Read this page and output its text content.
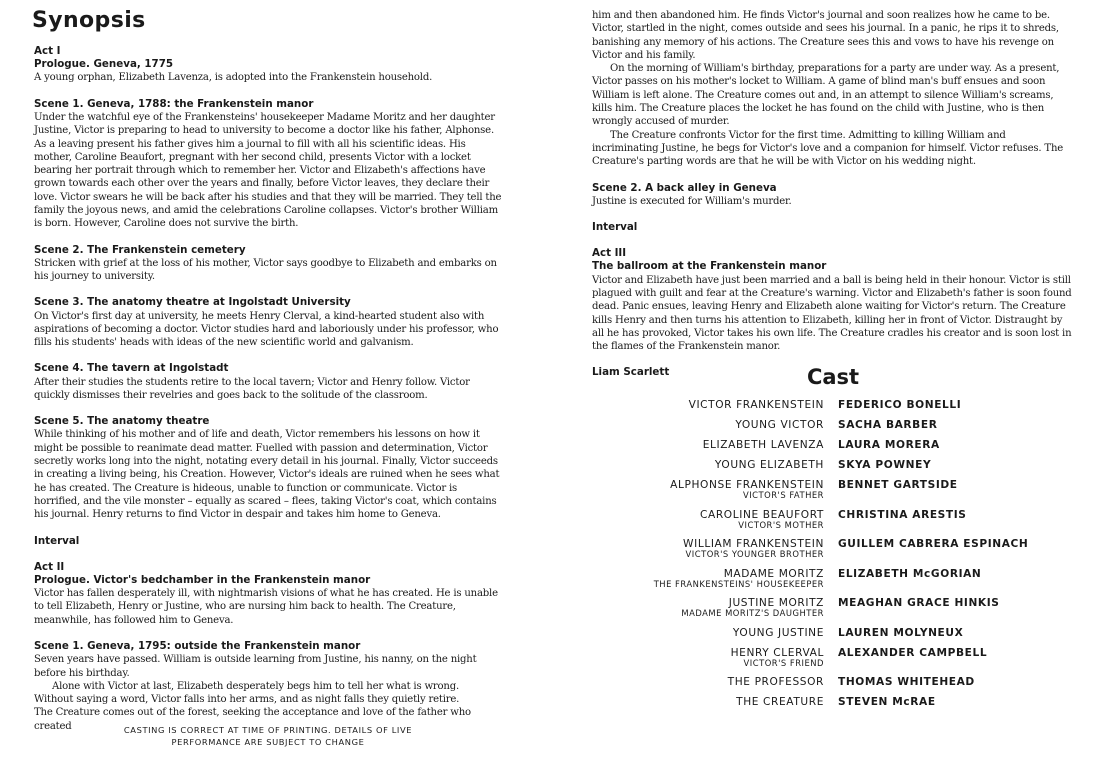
Synopsis

Act I

Prologue. Geneva, 1775

A young orphan, Elizabeth Lavenza, is adopted into the Frankenstein household.

Scene 1. Geneva, 1788: the Frankenstein manor

Under the watchful eye of the Frankensteins' housekeeper Madame Moritz and her daughter Justine, Victor is preparing to head to university to become a doctor like his father, Alphonse. As a leaving present his father gives him a journal to fill with all his scientific ideas. His mother, Caroline Beaufort, pregnant with her second child, presents Victor with a locket bearing her portrait through which to remember her. Victor and Elizabeth's affections have grown towards each other over the years and finally, before Victor leaves, they declare their love. Victor swears he will be back after his studies and that they will be married. They tell the family the joyous news, and amid the celebrations Caroline collapses. Victor's brother William is born. However, Caroline does not survive the birth.

Scene 2. The Frankenstein cemetery

Stricken with grief at the loss of his mother, Victor says goodbye to Elizabeth and embarks on his journey to university.

Scene 3. The anatomy theatre at Ingolstadt University

On Victor's first day at university, he meets Henry Clerval, a kind-hearted student also with aspirations of becoming a doctor. Victor studies hard and laboriously under his professor, who fills his students' heads with ideas of the new scientific world and galvanism.

Scene 4. The tavern at Ingolstadt

After their studies the students retire to the local tavern; Victor and Henry follow. Victor quickly dismisses their revelries and goes back to the solitude of the classroom.

Scene 5. The anatomy theatre

While thinking of his mother and of life and death, Victor remembers his lessons on how it might be possible to reanimate dead matter. Fuelled with passion and determination, Victor secretly works long into the night, notating every detail in his journal. Finally, Victor succeeds in creating a living being, his Creation. However, Victor's ideals are ruined when he sees what he has created. The Creature is hideous, unable to function or communicate. Victor is horrified, and the vile monster – equally as scared – flees, taking Victor's coat, which contains his journal. Henry returns to find Victor in despair and takes him home to Geneva.

Interval

Act II

Prologue. Victor's bedchamber in the Frankenstein manor

Victor has fallen desperately ill, with nightmarish visions of what he has created. He is unable to tell Elizabeth, Henry or Justine, who are nursing him back to health. The Creature, meanwhile, has followed him to Geneva.

Scene 1. Geneva, 1795: outside the Frankenstein manor

Seven years have passed. William is outside learning from Justine, his nanny, on the night before his birthday.

Alone with Victor at last, Elizabeth desperately begs him to tell her what is wrong.

Without saying a word, Victor falls into her arms, and as night falls they quietly retire.

The Creature comes out of the forest, seeking the acceptance and love of the father who created	CASTING IS CORRECT AT TIME OF PRINTING. DETAILS OF LIVE
PERFORMANCE ARE SUBJECT TO CHANGE

him and then abandoned him. He finds Victor's journal and soon realizes how he came to be. Victor, startled in the night, comes outside and sees his journal. In a panic, he rips it to shreds, banishing any memory of his actions. The Creature sees this and vows to have his revenge on Victor and his family.

On the morning of William's birthday, preparations for a party are under way. As a present, Victor passes on his mother's locket to William. A game of blind man's buff ensues and soon William is left alone. The Creature comes out and, in an attempt to silence William's screams, kills him. The Creature places the locket he has found on the child with Justine, who is then wrongly accused of murder.

The Creature confronts Victor for the first time. Admitting to killing William and incriminating Justine, he begs for Victor's love and a companion for himself. Victor refuses. The Creature's parting words are that he will be with Victor on his wedding night.

Scene 2. A back alley in Geneva

Justine is executed for William's murder.

Interval

Act III

The ballroom at the Frankenstein manor

Victor and Elizabeth have just been married and a ball is being held in their honour. Victor is still plagued with guilt and fear at the Creature's warning. Victor and Elizabeth's father is soon found dead. Panic ensues, leaving Henry and Elizabeth alone waiting for Victor's return. The Creature kills Henry and then turns his attention to Elizabeth, killing her in front of Victor. Distraught by all he has provoked, Victor takes his own life. The Creature cradles his creator and is soon lost in the flames of the Frankenstein manor.

Liam Scarlett	Cast
VICTOR FRANKENSTEIN FEDERICO BONELLI
YOUNG VICTOR SACHA BARBER
ELIZABETH LAVENZA LAURA MORERA
YOUNG ELIZABETH SKYA POWNEY
ALPHONSE FRANKENSTEIN
VICTOR'S FATHER
BENNET GARTSIDE
CAROLINE BEAUFORT
VICTOR'S MOTHER
CHRISTINA ARESTIS
WILLIAM FRANKENSTEIN
VICTOR'S YOUNGER BROTHER
GUILLEM CABRERA ESPINACH
MADAME MORITZ
THE FRANKENSTEINS' HOUSEKEEPER
ELIZABETH McGORIAN
JUSTINE MORITZ
MADAME MORITZ'S DAUGHTER
MEAGHAN GRACE HINKIS
YOUNG JUSTINE LAUREN MOLYNEUX
HENRY CLERVAL
VICTOR'S FRIEND
ALEXANDER CAMPBELL
THE PROFESSOR THOMAS WHITEHEAD
THE CREATURE STEVEN McRAE
